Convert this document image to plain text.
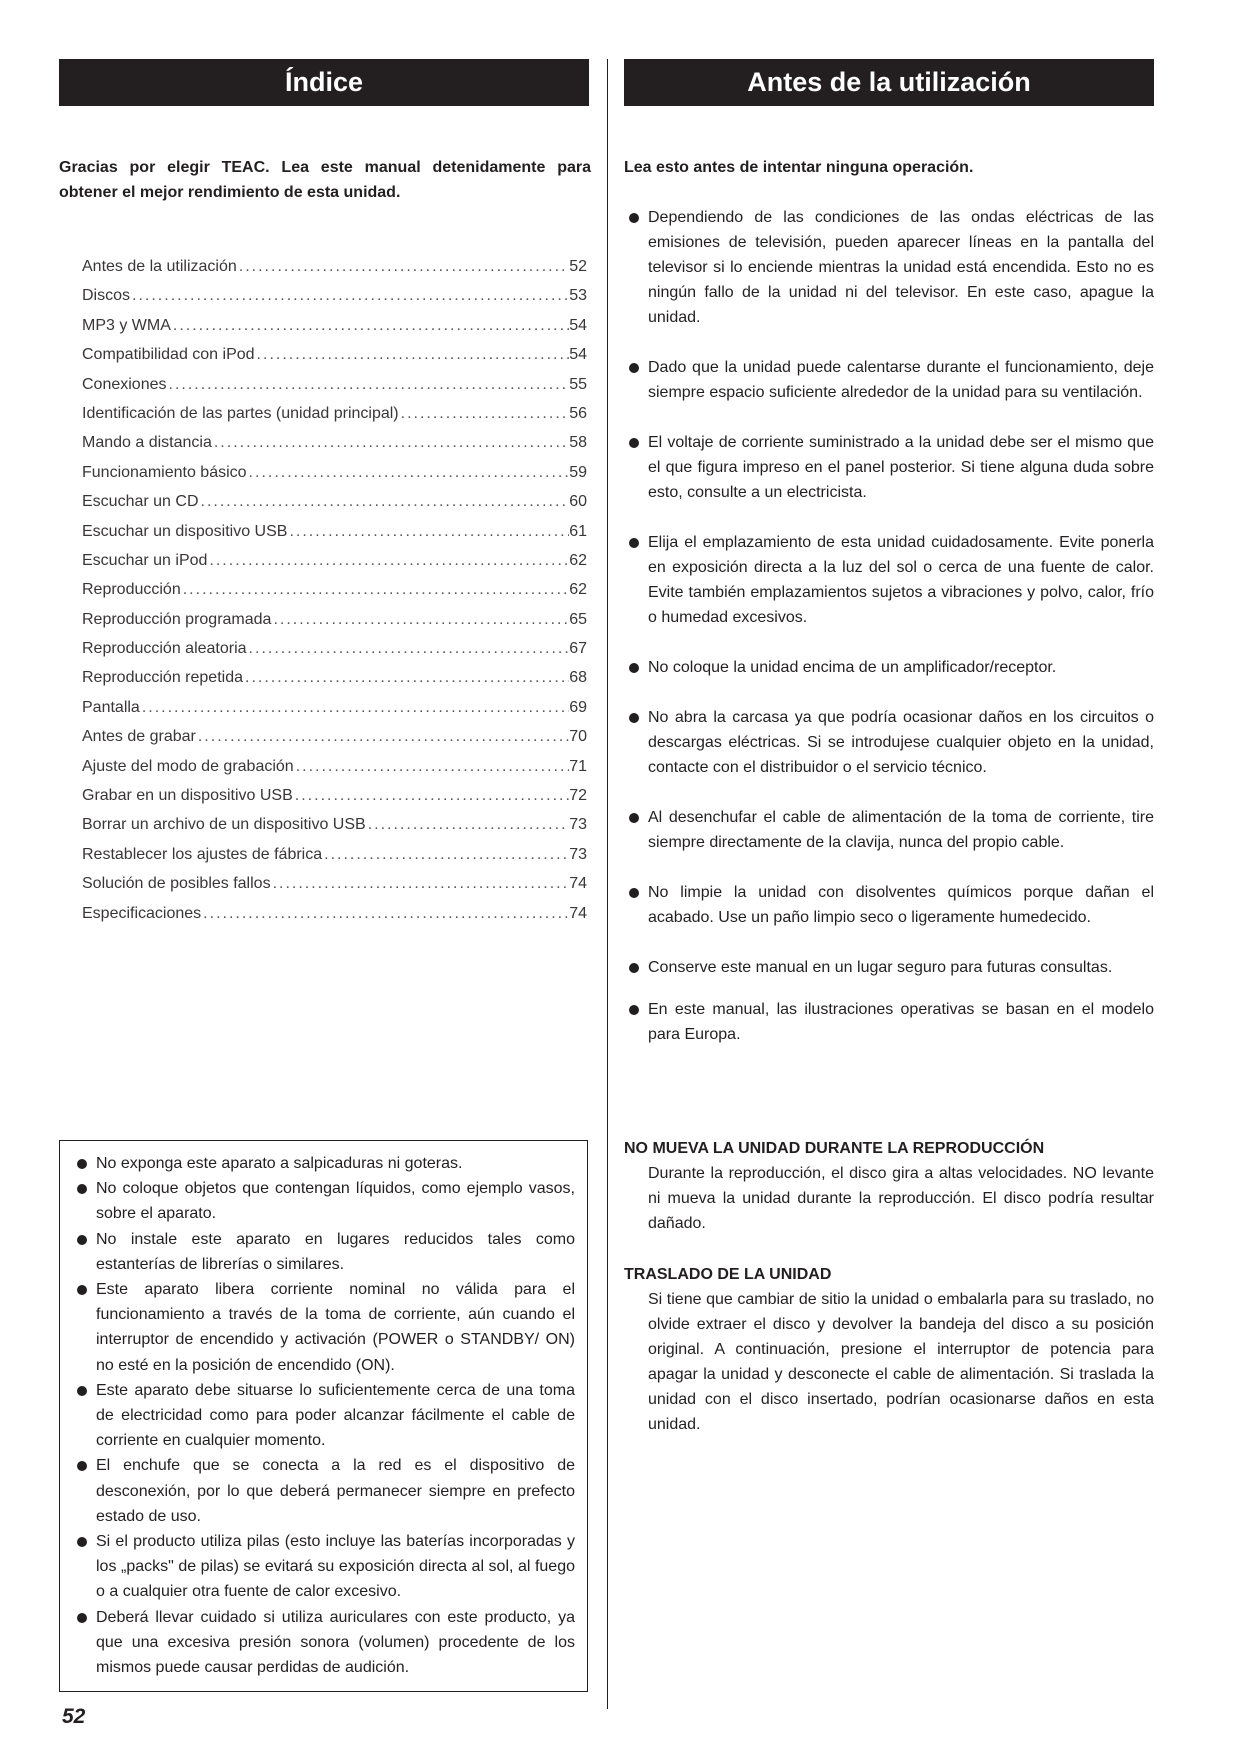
Índice	Antes de la utilización
Gracias por elegir TEAC. Lea este manual detenidamente para obtener el mejor rendimiento de esta unidad.
Antes de la utilización .....	52
Discos .....	53
MP3 y WMA .....	54
Compatibilidad con iPod .....	54
Conexiones .....	55
Identificación de las partes (unidad principal) .....	56
Mando a distancia .....	58
Funcionamiento básico .....	59
Escuchar un CD .....	60
Escuchar un dispositivo USB .....	61
Escuchar un iPod .....	62
Reproducción .....	62
Reproducción programada .....	65
Reproducción aleatoria .....	67
Reproducción repetida .....	68
Pantalla .....	69
Antes de grabar .....	70
Ajuste del modo de grabación .....	71
Grabar en un dispositivo USB .....	72
Borrar un archivo de un dispositivo USB .....	73
Restablecer los ajustes de fábrica .....	73
Solución de posibles fallos .....	74
Especificaciones .....	74
Lea esto antes de intentar ninguna operación.
Dependiendo de las condiciones de las ondas eléctricas de las emisiones de televisión, pueden aparecer líneas en la pantalla del televisor si lo enciende mientras la unidad está encendida. Esto no es ningún fallo de la unidad ni del televisor. En este caso, apague la unidad.
Dado que la unidad puede calentarse durante el funcionamiento, deje siempre espacio suficiente alrededor de la unidad para su ventilación.
El voltaje de corriente suministrado a la unidad debe ser el mismo que el que figura impreso en el panel posterior. Si tiene alguna duda sobre esto, consulte a un electricista.
Elija el emplazamiento de esta unidad cuidadosamente. Evite ponerla en exposición directa a la luz del sol o cerca de una fuente de calor. Evite también emplazamientos sujetos a vibraciones y polvo, calor, frío o humedad excesivos.
No coloque la unidad encima de un amplificador/receptor.
No abra la carcasa ya que podría ocasionar daños en los circuitos o descargas eléctricas. Si se introdujese cualquier objeto en la unidad, contacte con el distribuidor o el servicio técnico.
Al desenchufar el cable de alimentación de la toma de corriente, tire siempre directamente de la clavija, nunca del propio cable.
No limpie la unidad con disolventes químicos porque dañan el acabado. Use un paño limpio seco o ligeramente humedecido.
Conserve este manual en un lugar seguro para futuras consultas.
En este manual, las ilustraciones operativas se basan en el modelo para Europa.
No exponga este aparato a salpicaduras ni goteras.
No coloque objetos que contengan líquidos, como ejemplo vasos, sobre el aparato.
No instale este aparato en lugares reducidos tales como estanterías de librerías o similares.
Este aparato libera corriente nominal no válida para el funcionamiento a través de la toma de corriente, aún cuando el interruptor de encendido y activación (POWER o STANDBY/ ON) no esté en la posición de encendido (ON).
Este aparato debe situarse lo suficientemente cerca de una toma de electricidad como para poder alcanzar fácilmente el cable de corriente en cualquier momento.
El enchufe que se conecta a la red es el dispositivo de desconexión, por lo que deberá permanecer siempre en prefecto estado de uso.
Si el producto utiliza pilas (esto incluye las baterías incorporadas y los „packs" de pilas) se evitará su exposición directa al sol, al fuego o a cualquier otra fuente de calor excesivo.
Deberá llevar cuidado si utiliza auriculares con este producto, ya que una excesiva presión sonora (volumen) procedente de los mismos puede causar perdidas de audición.
NO MUEVA LA UNIDAD DURANTE LA REPRODUCCIÓN
Durante la reproducción, el disco gira a altas velocidades. NO levante ni mueva la unidad durante la reproducción. El disco podría resultar dañado.
TRASLADO DE LA UNIDAD
Si tiene que cambiar de sitio la unidad o embalarla para su traslado, no olvide extraer el disco y devolver la bandeja del disco a su posición original. A continuación, presione el interruptor de potencia para apagar la unidad y desconecte el cable de alimentación. Si traslada la unidad con el disco insertado, podrían ocasionarse daños en esta unidad.
52
